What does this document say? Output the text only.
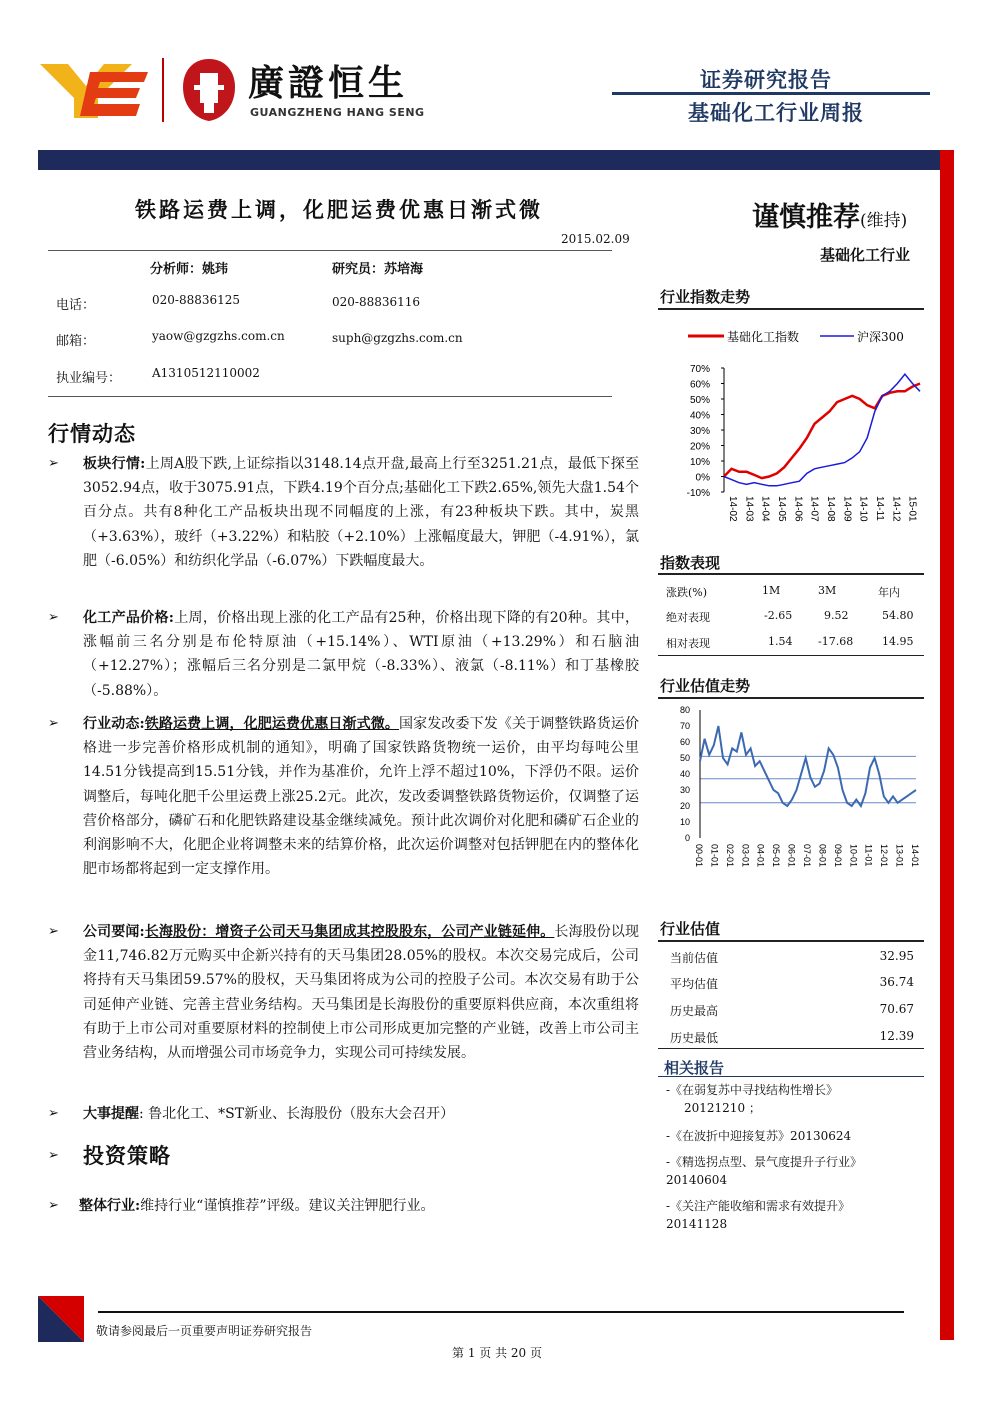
廣證恒生
GUANGZHENG HANG SENG
证券研究报告
基础化工行业周报
铁路运费上调，化肥运费优惠日渐式微
2015.02.09
谨慎推荐(维持)
基础化工行业
分析师：姚玮	研究员：苏培海
电话：	020-88836125	020-88836116
邮箱：	yaow@gzgzhs.com.cn	suph@gzgzhs.com.cn
执业编号：	A1310512110002
行情动态
➢ 板块行情:上周A股下跌,上证综指以3148.14点开盘,最高上行至3251.21点，最低下探至3052.94点，收于3075.91点，下跌4.19个百分点;基础化工下跌2.65%,领先大盘1.54个百分点。共有8种化工产品板块出现不同幅度的上涨，有23种板块下跌。其中，炭黑（+3.63%），玻纤（+3.22%）和粘胶（+2.10%）上涨幅度最大，钾肥（-4.91%），氯肥（-6.05%）和纺织化学品（-6.07%）下跌幅度最大。
➢ 化工产品价格:上周，价格出现上涨的化工产品有25种，价格出现下降的有20种。其中，涨幅前三名分别是布伦特原油（+15.14%）、WTI原油（+13.29%）和石脑油（+12.27%）；涨幅后三名分别是二氯甲烷（-8.33%）、液氯（-8.11%）和丁基橡胶（-5.88%）。
➢ 行业动态:铁路运费上调，化肥运费优惠日渐式微。国家发改委下发《关于调整铁路货运价格进一步完善价格形成机制的通知》，明确了国家铁路货物统一运价，由平均每吨公里14.51分钱提高到15.51分钱，并作为基准价，允许上浮不超过10%，下浮仍不限。运价调整后，每吨化肥千公里运费上涨25.2元。此次，发改委调整铁路货物运价，仅调整了运营价格部分，磷矿石和化肥铁路建设基金继续减免。预计此次调价对化肥和磷矿石企业的利润影响不大，化肥企业将调整未来的结算价格，此次运价调整对包括钾肥在内的整体化肥市场都将起到一定支撑作用。
➢ 公司要闻:长海股份：增资子公司天马集团成其控股股东，公司产业链延伸。长海股份以现金11,746.82万元购买中企新兴持有的天马集团28.05%的股权。本次交易完成后，公司将持有天马集团59.57%的股权，天马集团将成为公司的控股子公司。本次交易有助于公司延伸产业链、完善主营业务结构。天马集团是长海股份的重要原料供应商，本次重组将有助于上市公司对重要原材料的控制使上市公司形成更加完整的产业链，改善上市公司主营业务结构，从而增强公司市场竞争力，实现公司可持续发展。
➢ 大事提醒: 鲁北化工、*ST新业、长海股份（股东大会召开）
➢ 投资策略
➢ 整体行业:维持行业“谨慎推荐”评级。建议关注钾肥行业。
行业指数走势
基础化工指数	沪深300
70%
60%
50%
40%
30%
20%
10%
0%
-10%
14-02 14-03 14-04 14-05 14-06 14-07 14-08 14-09 14-10 14-11 14-12 15-01
指数表现
涨跌(%)	1M	3M	年内
绝对表现	-2.65	9.52	54.80
相对表现	1.54 -17.68	14.95
行业估值走势
80
70
60
50
40
30
20
10
0
00-01 01-01 02-01 03-01 04-01 05-01 06-01 07-01 08-01 09-01 10-01 11-01 12-01 13-01 14-01
行业估值
当前估值	32.95
平均估值	36.74
历史最高	70.67
历史最低	12.39
相关报告
-《在弱复苏中寻找结构性增长》
20121210 ；
-《在波折中迎接复苏》20130624
-《精选拐点型、景气度提升子行业》
20140604
-《关注产能收缩和需求有效提升》
20141128
敬请参阅最后一页重要声明证券研究报告
第 1 页 共 20 页
